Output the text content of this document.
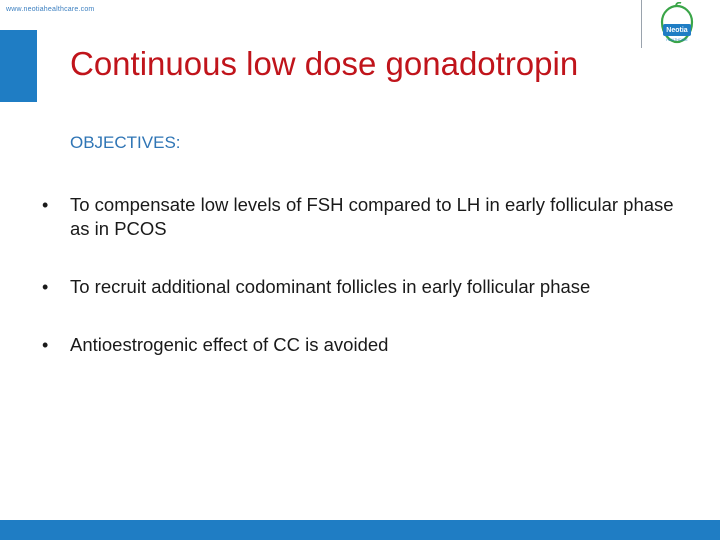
www.neotiahealthcare.com
Neotia
HEALTHCARE
Continuous low dose gonadotropin
OBJECTIVES:
• To compensate low levels of FSH compared to LH in early follicular phase as in PCOS
• To recruit additional codominant follicles in early follicular phase
• Antioestrogenic effect of CC is avoided
